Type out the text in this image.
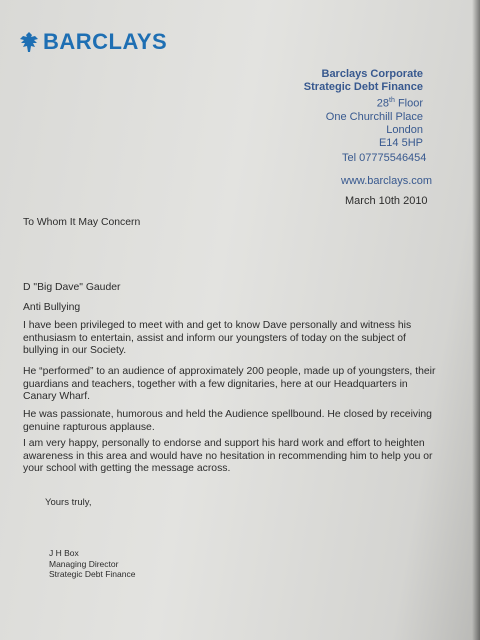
BARCLAYS
Barclays Corporate
Strategic Debt Finance
28th Floor
One Churchill Place
London
E14 5HP
Tel 07775546454
www.barclays.com
March 10th 2010
To Whom It May Concern
D "Big Dave" Gauder
Anti Bullying
I have been privileged to meet with and get to know Dave personally and witness his enthusiasm to entertain, assist and inform our youngsters of today on the subject of bullying in our Society.
He “performed” to an audience of approximately 200 people, made up of youngsters, their guardians and teachers, together with a few dignitaries, here at our Headquarters in Canary Wharf.
He was passionate, humorous and held the Audience spellbound. He closed by receiving genuine rapturous applause.
I am very happy, personally to endorse and support his hard work and effort to heighten awareness in this area and would have no hesitation in recommending him to help you or your school with getting the message across.
Yours truly,
J H Box
Managing Director
Strategic Debt Finance
